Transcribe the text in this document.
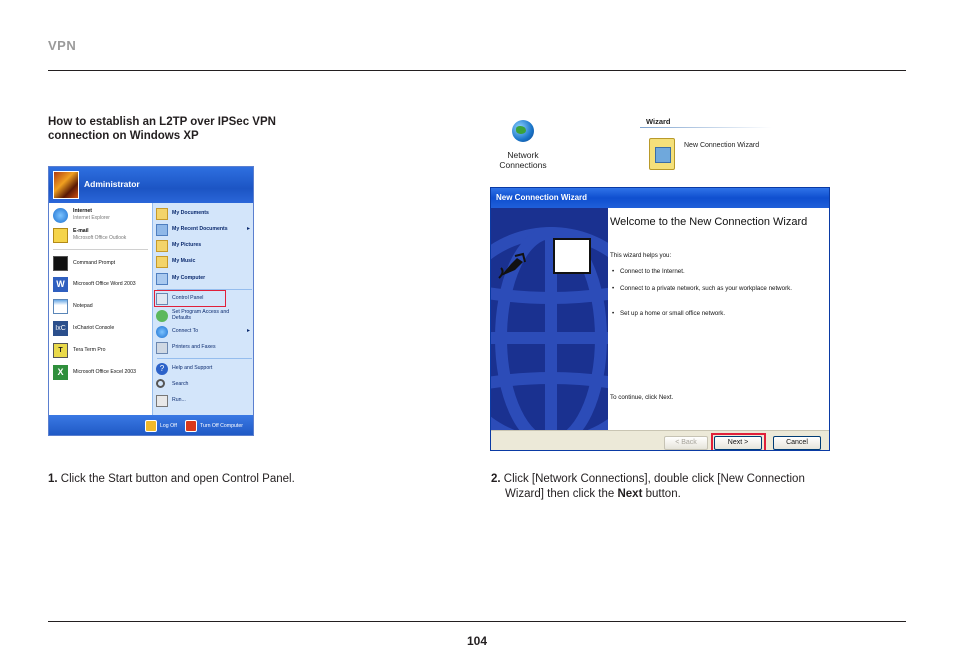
VPN
How to establish an L2TP over IPSec VPN connection on Windows XP
Administrator
Internet
Internet Explorer
E-mail
Microsoft Office Outlook
Command Prompt
W	Microsoft Office Word 2003
Notepad
IxC	IxChariot Console
T	Tera Term Pro
X	Microsoft Office Excel 2003
My Documents
My Recent Documents	▸
My Pictures
My Music
My Computer
Control Panel
Set Program Access and Defaults
Connect To	▸
Printers and Faxes
?	Help and Support
Search
Run...
Log Off	Turn Off Computer
Network Connections
Wizard
New Connection Wizard
New Connection Wizard
Welcome to the New Connection Wizard
This wizard helps you:
• Connect to the Internet.
• Connect to a private network, such as your workplace network.
• Set up a home or small office network.
To continue, click Next.
< Back	Next >	Cancel
1. Click the Start button and open Control Panel.	2. Click [Network Connections], double click [New Connection Wizard] then click the Next button.
104
